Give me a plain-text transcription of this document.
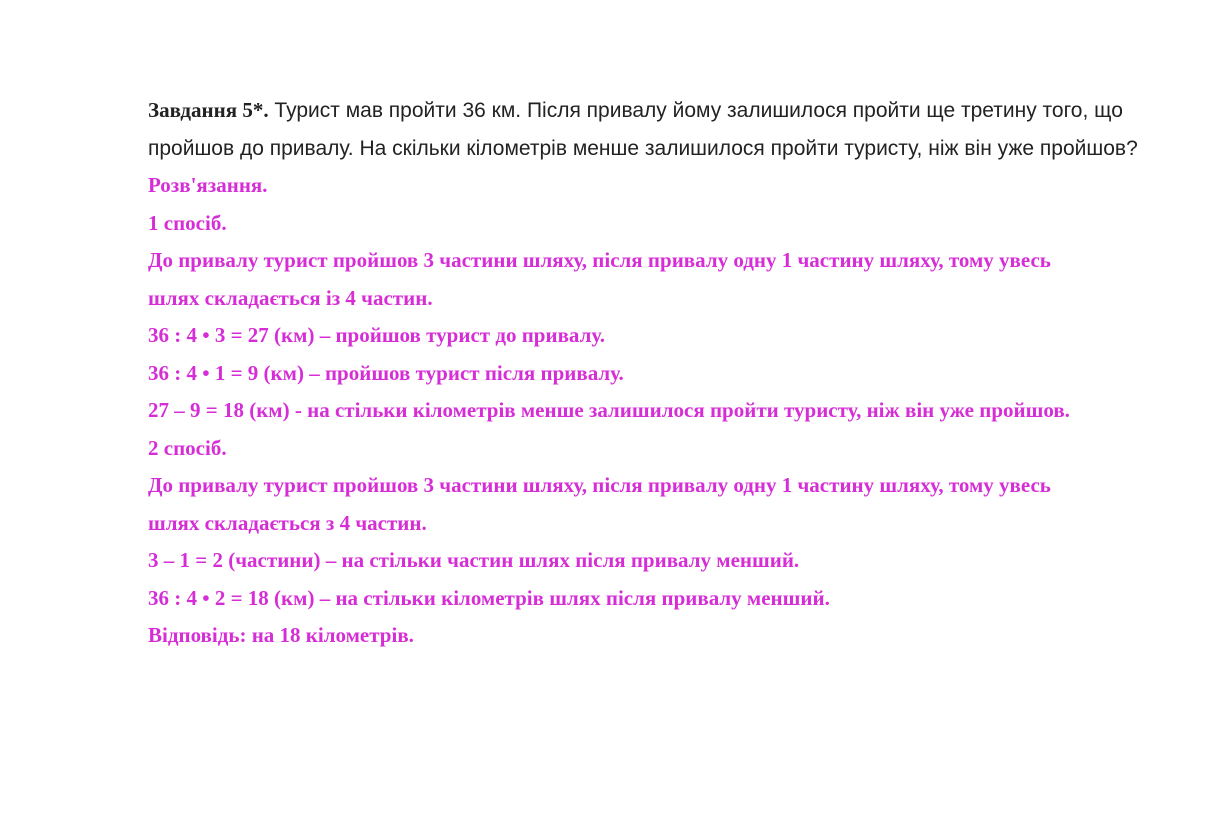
Завдання 5*. Турист мав пройти 36 км. Після привалу йому залишилося пройти ще третину того, що пройшов до привалу. На скільки кілометрів менше залишилося пройти туристу, ніж він уже пройшов?

Розв'язання.
1 спосіб.
До привалу турист пройшов 3 частини шляху, після привалу одну 1 частину шляху, тому увесь
шлях складається із 4 частин.
36 : 4 • 3 = 27 (км) – пройшов турист до привалу.
36 : 4 • 1 = 9 (км) – пройшов турист після привалу.
27 – 9 = 18 (км) - на стільки кілометрів менше залишилося пройти туристу, ніж він уже пройшов.
2 спосіб.
До привалу турист пройшов 3 частини шляху, після привалу одну 1 частину шляху, тому увесь
шлях складається з 4 частин.
3 – 1 = 2 (частини) – на стільки частин шлях після привалу менший.
36 : 4 • 2 = 18 (км) – на стільки кілометрів шлях після привалу менший.
Відповідь: на 18 кілометрів.
